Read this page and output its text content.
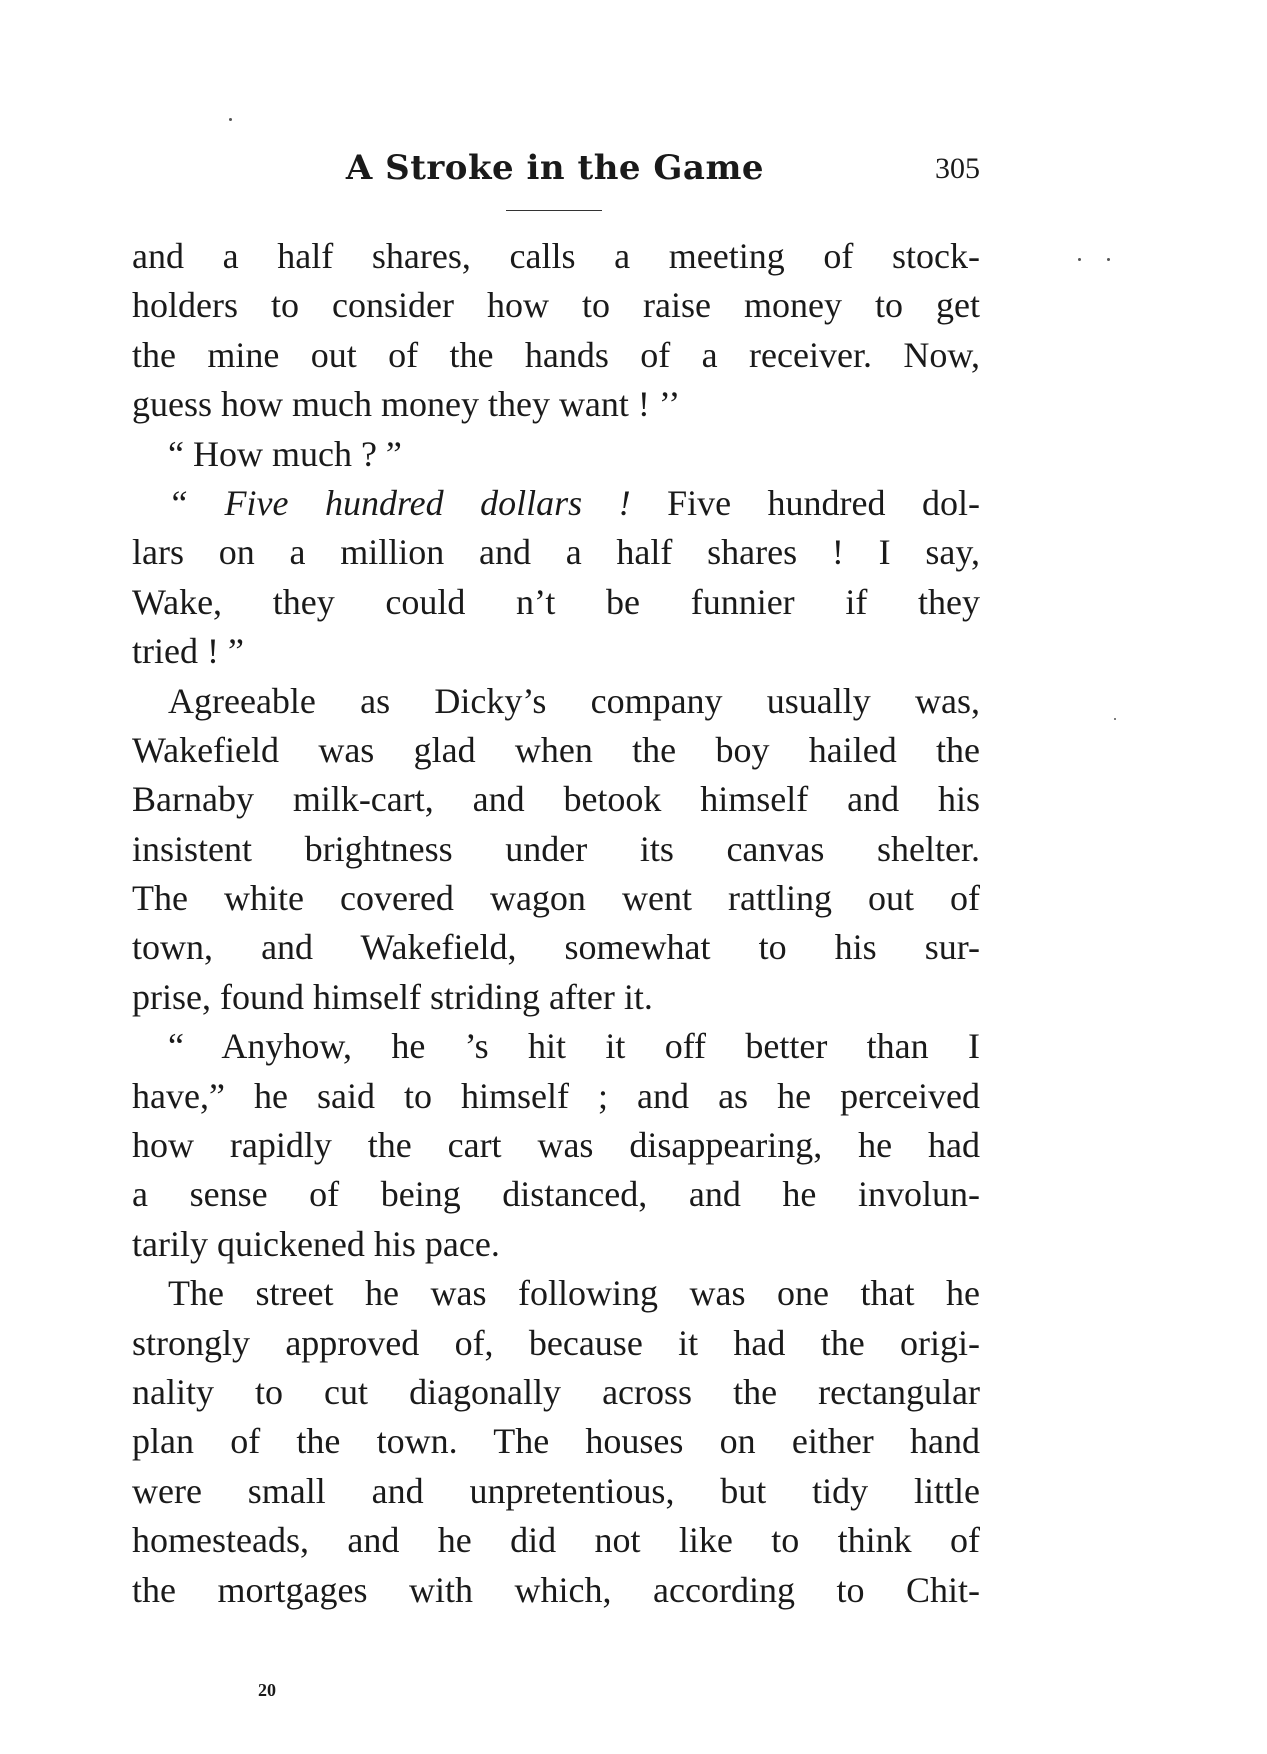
A Stroke in the Game	305
and a half shares, calls a meeting of stock-
holders to consider how to raise money to get
the mine out of the hands of a receiver. Now,
guess how much money they want ! ’’
“ How much ? ”
“ Five hundred dollars ! Five hundred dol-
lars on a million and a half shares ! I say,
Wake, they could n’t be funnier if they
tried ! ”
Agreeable as Dicky’s company usually was,
Wakefield was glad when the boy hailed the
Barnaby milk-cart, and betook himself and his
insistent brightness under its canvas shelter.
The white covered wagon went rattling out of
town, and Wakefield, somewhat to his sur-
prise, found himself striding after it.
“ Anyhow, he ’s hit it off better than I
have,” he said to himself ; and as he perceived
how rapidly the cart was disappearing, he had
a sense of being distanced, and he involun-
tarily quickened his pace.
The street he was following was one that he
strongly approved of, because it had the origi-
nality to cut diagonally across the rectangular
plan of the town. The houses on either hand
were small and unpretentious, but tidy little
homesteads, and he did not like to think of
the mortgages with which, according to Chit-
20
